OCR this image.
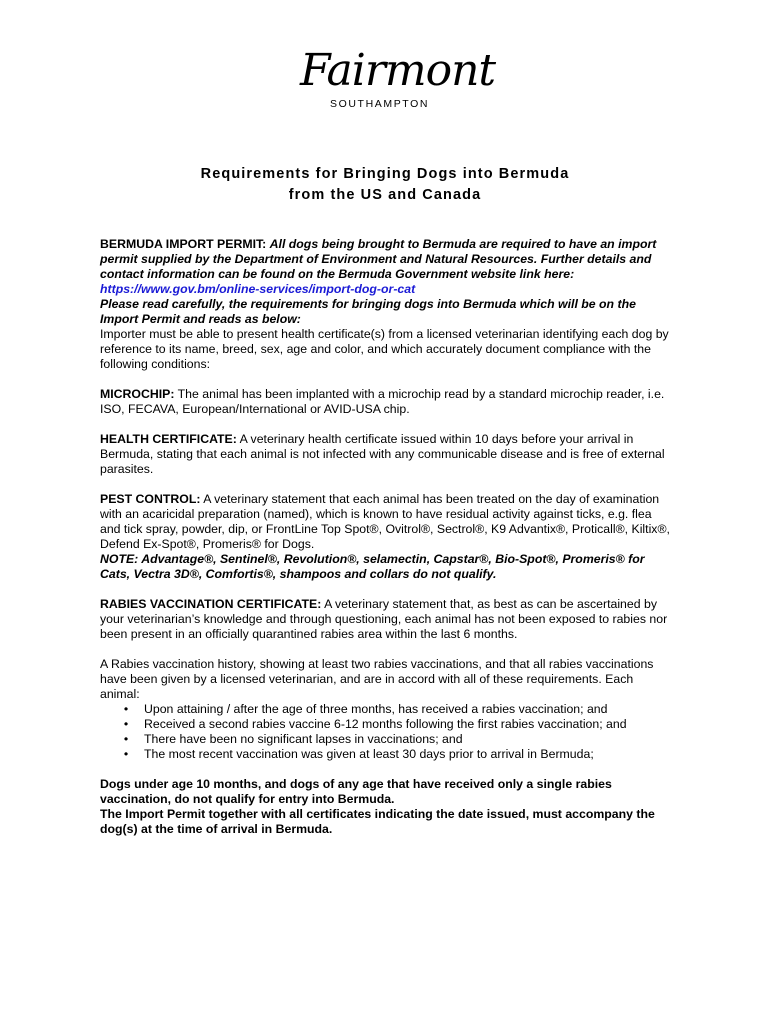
Fairmont
SOUTHAMPTON
Requirements for Bringing Dogs into Bermuda
from the US and Canada

BERMUDA IMPORT PERMIT: All dogs being brought to Bermuda are required to have an import permit supplied by the Department of Environment and Natural Resources. Further details and contact information can be found on the Bermuda Government website link here:
https://www.gov.bm/online-services/import-dog-or-cat
Please read carefully, the requirements for bringing dogs into Bermuda which will be on the Import Permit and reads as below:
Importer must be able to present health certificate(s) from a licensed veterinarian identifying each dog by reference to its name, breed, sex, age and color, and which accurately document compliance with the following conditions:

MICROCHIP: The animal has been implanted with a microchip read by a standard microchip reader, i.e. ISO, FECAVA, European/International or AVID-USA chip.

HEALTH CERTIFICATE: A veterinary health certificate issued within 10 days before your arrival in Bermuda, stating that each animal is not infected with any communicable disease and is free of external parasites.

PEST CONTROL: A veterinary statement that each animal has been treated on the day of examination with an acaricidal preparation (named), which is known to have residual activity against ticks, e.g. flea and tick spray, powder, dip, or FrontLine Top Spot®, Ovitrol®, Sectrol®, K9 Advantix®, Proticall®, Kiltix®, Defend Ex-Spot®, Promeris® for Dogs.
NOTE: Advantage®, Sentinel®, Revolution®, selamectin, Capstar®, Bio-Spot®, Promeris® for Cats, Vectra 3D®, Comfortis®, shampoos and collars do not qualify.

RABIES VACCINATION CERTIFICATE: A veterinary statement that, as best as can be ascertained by your veterinarian’s knowledge and through questioning, each animal has not been exposed to rabies nor been present in an officially quarantined rabies area within the last 6 months.

A Rabies vaccination history, showing at least two rabies vaccinations, and that all rabies vaccinations have been given by a licensed veterinarian, and are in accord with all of these requirements. Each animal:

•	Upon attaining / after the age of three months, has received a rabies vaccination; and
•	Received a second rabies vaccine 6-12 months following the first rabies vaccination; and
•	There have been no significant lapses in vaccinations; and
•	The most recent vaccination was given at least 30 days prior to arrival in Bermuda;

Dogs under age 10 months, and dogs of any age that have received only a single rabies vaccination, do not qualify for entry into Bermuda.
The Import Permit together with all certificates indicating the date issued, must accompany the dog(s) at the time of arrival in Bermuda.
